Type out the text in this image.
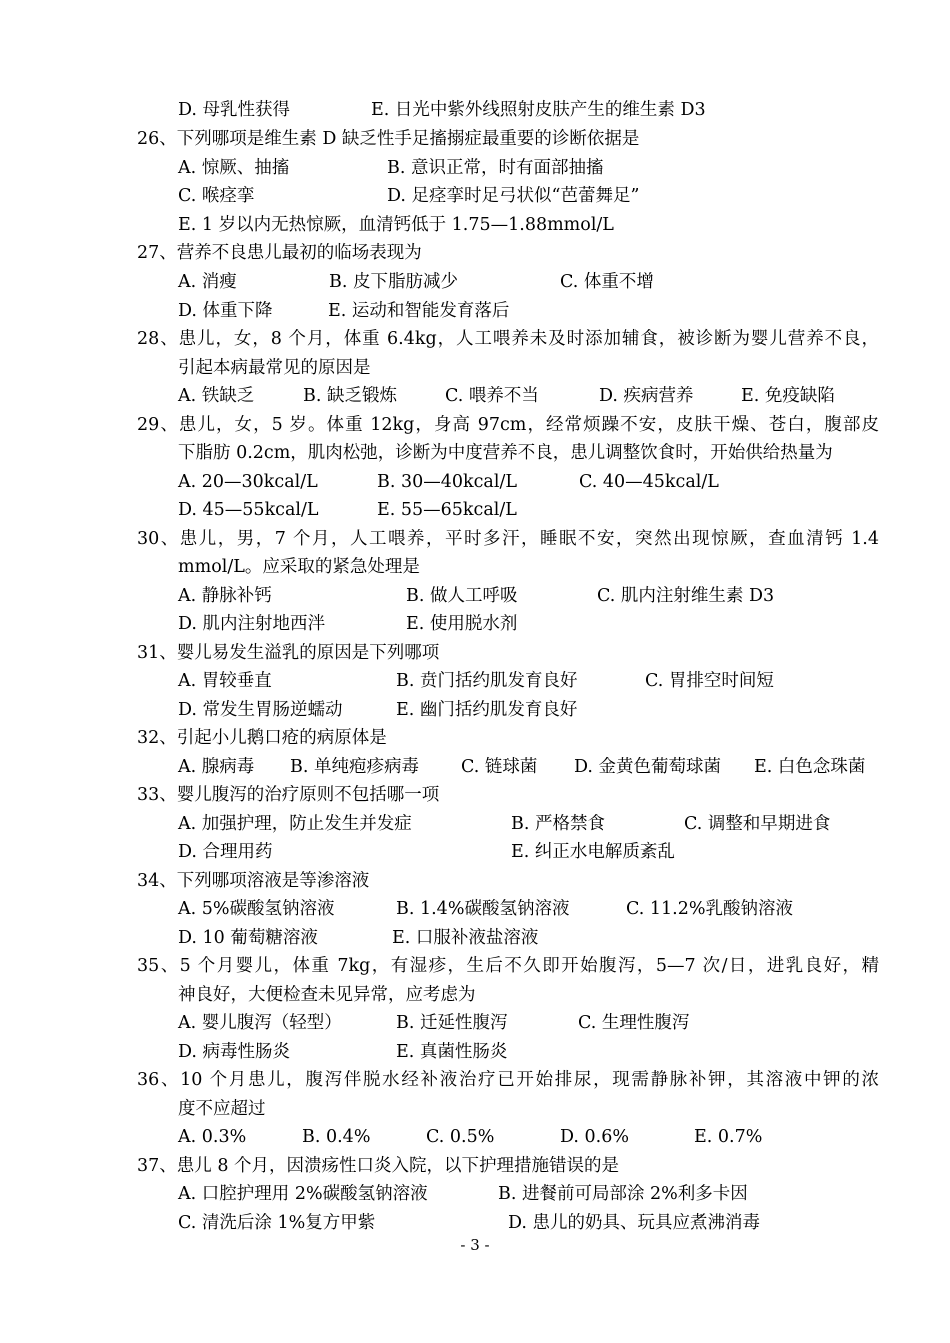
D. 母乳性获得

	E. 日光中紫外线照射皮肤产生的维生素 D3

26、下列哪项是维生素 D 缺乏性手足搐搦症最重要的诊断依据是

A. 惊厥、抽搐

	B. 意识正常，时有面部抽搐

C. 喉痉挛

	D. 足痉挛时足弓状似“芭蕾舞足”

E. 1 岁以内无热惊厥，血清钙低于 1.75—1.88mmol/L

27、营养不良患儿最初的临场表现为

A. 消瘦

	B. 皮下脂肪减少

	C. 体重不增

D. 体重下降

	E. 运动和智能发育落后

28、患儿，女，8 个月，体重 6.4kg，人工喂养未及时添加辅食，被诊断为婴儿营养不良，
引起本病最常见的原因是

A. 铁缺乏

	B. 缺乏锻炼

	C. 喂养不当

	D. 疾病营养

	E. 免疫缺陷

29、患儿，女，5 岁。体重 12kg，身高 97cm，经常烦躁不安，皮肤干燥、苍白，腹部皮
下脂肪 0.2cm，肌肉松弛，诊断为中度营养不良，患儿调整饮食时，开始供给热量为

A. 20—30kcal/L

	B. 30—40kcal/L

	C. 40—45kcal/L

D. 45—55kcal/L

	E. 55—65kcal/L

30、患儿，男，7 个月，人工喂养，平时多汗，睡眠不安，突然出现惊厥，查血清钙 1.4
mmol/L。应采取的紧急处理是

A. 静脉补钙

	B. 做人工呼吸

	C. 肌内注射维生素 D3

D. 肌内注射地西泮

	E. 使用脱水剂

31、婴儿易发生溢乳的原因是下列哪项

A. 胃较垂直

	B. 贲门括约肌发育良好

	C. 胃排空时间短

D. 常发生胃肠逆蠕动

	E. 幽门括约肌发育良好

32、引起小儿鹅口疮的病原体是

A. 腺病毒

B. 单纯疱疹病毒

C. 链球菌

D. 金黄色葡萄球菌

E. 白色念珠菌

33、婴儿腹泻的治疗原则不包括哪一项

A. 加强护理，防止发生并发症

	B. 严格禁食

	C. 调整和早期进食

D. 合理用药

	E. 纠正水电解质紊乱

34、下列哪项溶液是等渗溶液

A. 5%碳酸氢钠溶液

	B. 1.4%碳酸氢钠溶液

	C. 11.2%乳酸钠溶液

D. 10 葡萄糖溶液

	E. 口服补液盐溶液

35、5 个月婴儿，体重 7kg，有湿疹，生后不久即开始腹泻，5—7 次/日，进乳良好，精
神良好，大便检查未见异常，应考虑为

A. 婴儿腹泻（轻型）

	B. 迁延性腹泻

	C. 生理性腹泻

D. 病毒性肠炎

	E. 真菌性肠炎

36、10 个月患儿，腹泻伴脱水经补液治疗已开始排尿，现需静脉补钾，其溶液中钾的浓
度不应超过

A. 0.3%

	B. 0.4%

	C. 0.5%

	D. 0.6%

	E. 0.7%

37、患儿 8 个月，因溃疡性口炎入院，以下护理措施错误的是

A. 口腔护理用 2%碳酸氢钠溶液

	B. 进餐前可局部涂 2%利多卡因

C. 清洗后涂 1%复方甲紫

	D. 患儿的奶具、玩具应煮沸消毒

- 3 -
